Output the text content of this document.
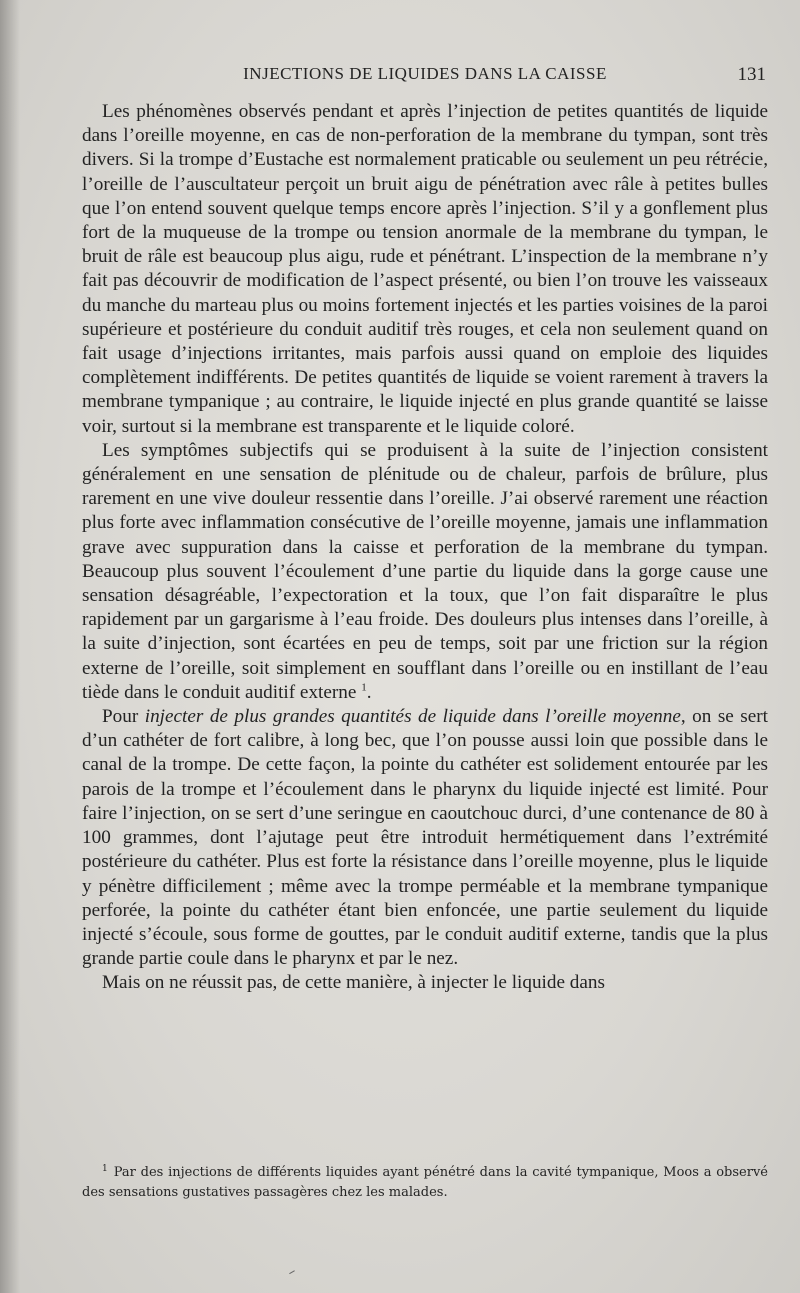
INJECTIONS DE LIQUIDES DANS LA CAISSE	131

Les phénomènes observés pendant et après l’injection de petites quantités de liquide dans l’oreille moyenne, en cas de non-perforation de la membrane du tympan, sont très divers. Si la trompe d’Eustache est normalement praticable ou seulement un peu rétrécie, l’oreille de l’auscultateur perçoit un bruit aigu de pénétration avec râle à petites bulles que l’on entend souvent quelque temps encore après l’injection. S’il y a gonflement plus fort de la muqueuse de la trompe ou tension anormale de la membrane du tympan, le bruit de râle est beaucoup plus aigu, rude et pénétrant. L’inspection de la membrane n’y fait pas découvrir de modification de l’aspect présenté, ou bien l’on trouve les vaisseaux du manche du marteau plus ou moins fortement injectés et les parties voisines de la paroi supérieure et postérieure du conduit auditif très rouges, et cela non seulement quand on fait usage d’injections irritantes, mais parfois aussi quand on emploie des liquides complètement indifférents. De petites quantités de liquide se voient rarement à travers la membrane tympanique ; au contraire, le liquide injecté en plus grande quantité se laisse voir, surtout si la membrane est transparente et le liquide coloré.

Les symptômes subjectifs qui se produisent à la suite de l’injection consistent généralement en une sensation de plénitude ou de chaleur, parfois de brûlure, plus rarement en une vive douleur ressentie dans l’oreille. J’ai observé rarement une réaction plus forte avec inflammation consécutive de l’oreille moyenne, jamais une inflammation grave avec suppuration dans la caisse et perforation de la membrane du tympan. Beaucoup plus souvent l’écoulement d’une partie du liquide dans la gorge cause une sensation désagréable, l’expectoration et la toux, que l’on fait disparaître le plus rapidement par un gargarisme à l’eau froide. Des douleurs plus intenses dans l’oreille, à la suite d’injection, sont écartées en peu de temps, soit par une friction sur la région externe de l’oreille, soit simplement en soufflant dans l’oreille ou en instillant de l’eau tiède dans le conduit auditif externe $^1$.

Pour injecter de plus grandes quantités de liquide dans l’oreille moyenne, on se sert d’un cathéter de fort calibre, à long bec, que l’on pousse aussi loin que possible dans le canal de la trompe. De cette façon, la pointe du cathéter est solidement entourée par les parois de la trompe et l’écoulement dans le pharynx du liquide injecté est limité. Pour faire l’injection, on se sert d’une seringue en caoutchouc durci, d’une contenance de 80 à 100 grammes, dont l’ajutage peut être introduit hermétiquement dans l’extrémité postérieure du cathéter. Plus est forte la résistance dans l’oreille moyenne, plus le liquide y pénètre difficilement ; même avec la trompe perméable et la membrane tympanique perforée, la pointe du cathéter étant bien enfoncée, une partie seulement du liquide injecté s’écoule, sous forme de gouttes, par le conduit auditif externe, tandis que la plus grande partie coule dans le pharynx et par le nez.

Mais on ne réussit pas, de cette manière, à injecter le liquide dans

$^1$ Par des injections de différents liquides ayant pénétré dans la cavité tympanique, Moos a observé des sensations gustatives passagères chez les malades.
